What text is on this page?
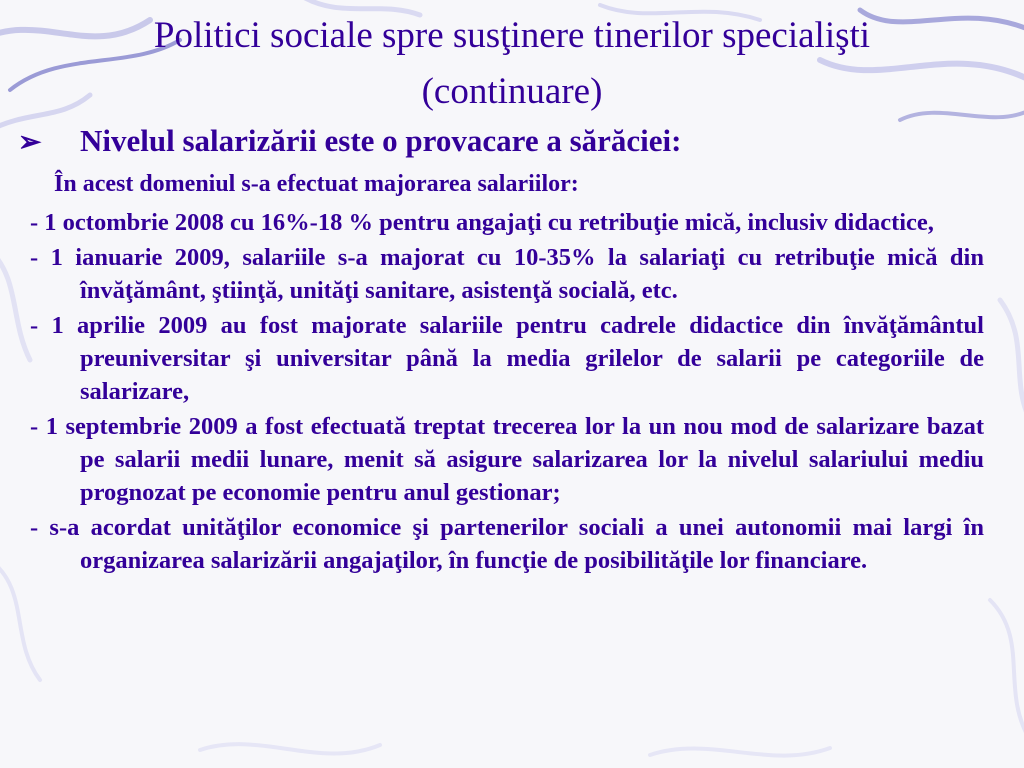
Politici sociale spre susţinere tinerilor specialişti
(continuare)
➢ Nivelul salarizării este o provacare a sărăciei:
În acest domeniul s-a efectuat majorarea salariilor:
- 1 octombrie 2008 cu 16%-18 % pentru angajaţi cu retribuţie mică, inclusiv didactice,
- 1 ianuarie 2009, salariile s-a majorat cu 10-35% la salariaţi cu retribuţie mică din învăţământ, ştiinţă, unităţi sanitare, asistenţă socială, etc.
- 1 aprilie 2009 au fost majorate salariile pentru cadrele didactice din învăţământul preuniversitar şi universitar până la media grilelor de salarii pe categoriile de salarizare,
- 1 septembrie 2009 a fost efectuată treptat trecerea lor la un nou mod de salarizare bazat pe salarii medii lunare, menit să asigure salarizarea lor la nivelul salariului mediu prognozat pe economie pentru anul gestionar;
- s-a acordat unităţilor economice şi partenerilor sociali a unei autonomii mai largi în organizarea salarizării angajaţilor, în funcţie de posibilităţile lor financiare.
